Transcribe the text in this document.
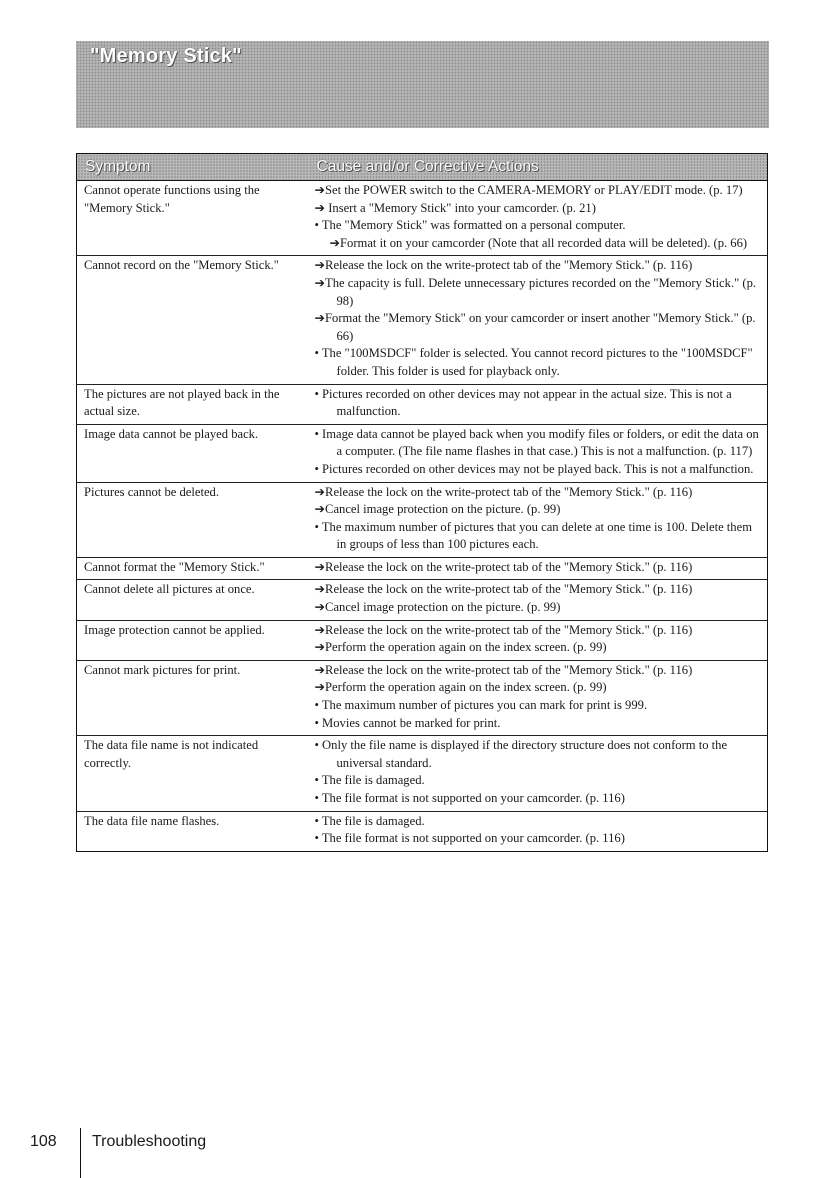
"Memory Stick"
Symptom	Cause and/or Corrective Actions
Cannot operate functions using the "Memory Stick."	➔Set the POWER switch to the CAMERA-MEMORY or PLAY/EDIT mode. (p. 17)
➔ Insert a "Memory Stick" into your camcorder. (p. 21)
• The "Memory Stick" was formatted on a personal computer.
➔Format it on your camcorder (Note that all recorded data will be deleted). (p. 66)

Cannot record on the "Memory Stick."	➔Release the lock on the write-protect tab of the "Memory Stick." (p. 116)
➔The capacity is full. Delete unnecessary pictures recorded on the "Memory Stick." (p. 98)
➔Format the "Memory Stick" on your camcorder or insert another "Memory Stick." (p. 66)
• The "100MSDCF" folder is selected. You cannot record pictures to the "100MSDCF" folder. This folder is used for playback only.

The pictures are not played back in the actual size.	• Pictures recorded on other devices may not appear in the actual size. This is not a malfunction.

Image data cannot be played back.	• Image data cannot be played back when you modify files or folders, or edit the data on a computer. (The file name flashes in that case.) This is not a malfunction. (p. 117)
• Pictures recorded on other devices may not be played back. This is not a malfunction.

Pictures cannot be deleted.	➔Release the lock on the write-protect tab of the "Memory Stick." (p. 116)
➔Cancel image protection on the picture. (p. 99)
• The maximum number of pictures that you can delete at one time is 100. Delete them in groups of less than 100 pictures each.

Cannot format the "Memory Stick."	➔Release the lock on the write-protect tab of the "Memory Stick." (p. 116)

Cannot delete all pictures at once.	➔Release the lock on the write-protect tab of the "Memory Stick." (p. 116)
➔Cancel image protection on the picture. (p. 99)

Image protection cannot be applied.	➔Release the lock on the write-protect tab of the "Memory Stick." (p. 116)
➔Perform the operation again on the index screen. (p. 99)

Cannot mark pictures for print.	➔Release the lock on the write-protect tab of the "Memory Stick." (p. 116)
➔Perform the operation again on the index screen. (p. 99)
• The maximum number of pictures you can mark for print is 999.
• Movies cannot be marked for print.

The data file name is not indicated correctly.	• Only the file name is displayed if the directory structure does not conform to the universal standard.
• The file is damaged.
• The file format is not supported on your camcorder. (p. 116)

The data file name flashes.	• The file is damaged.
• The file format is not supported on your camcorder. (p. 116)
108 Troubleshooting
